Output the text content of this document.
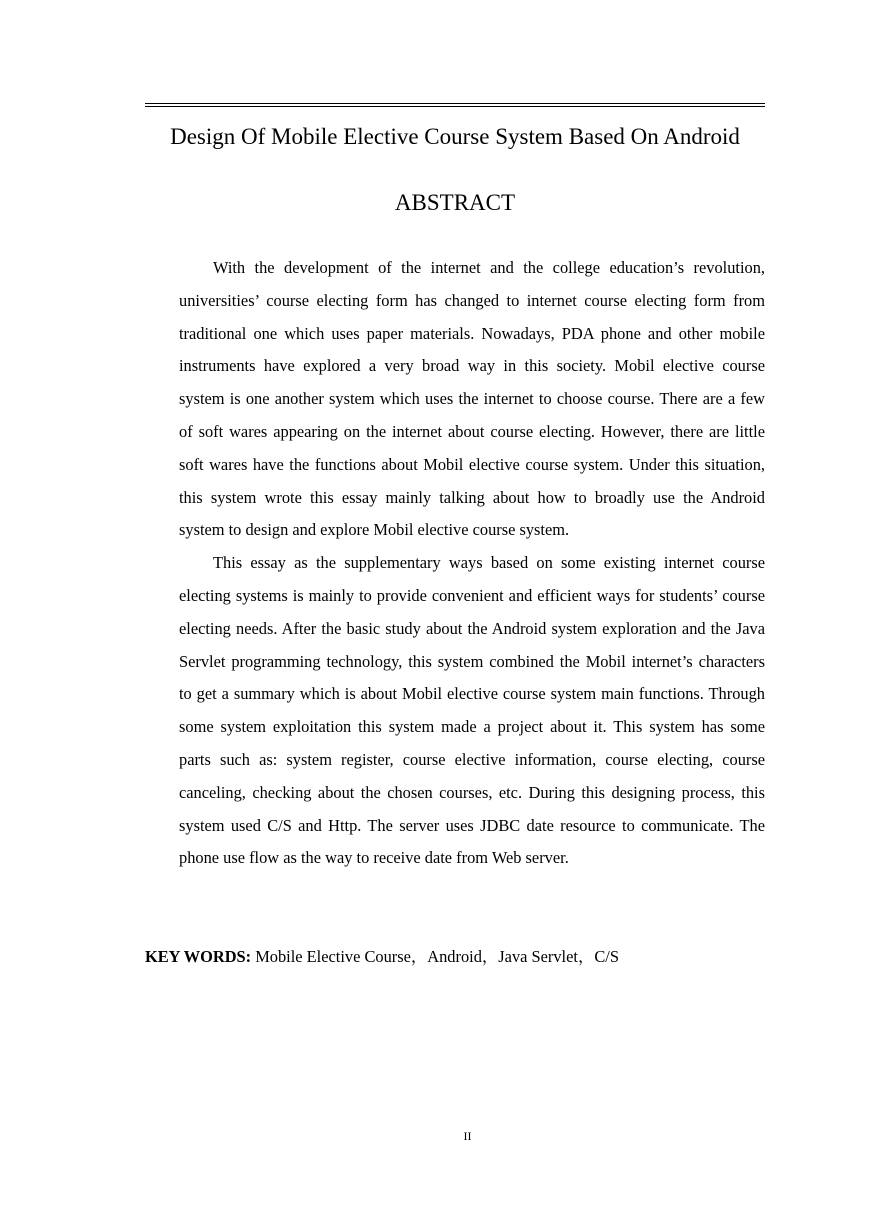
Design Of Mobile Elective Course System Based On Android
ABSTRACT
With the development of the internet and the college education’s revolution,
universities’ course electing form has changed to internet course electing form from
traditional one which uses paper materials. Nowadays, PDA phone and other mobile
instruments have explored a very broad way in this society. Mobil elective course
system is one another system which uses the internet to choose course. There are a few
of soft wares appearing on the internet about course electing. However, there are little
soft wares have the functions about Mobil elective course system. Under this situation,
this system wrote this essay mainly talking about how to broadly use the Android
system to design and explore Mobil elective course system.
This essay as the supplementary ways based on some existing internet course
electing systems is mainly to provide convenient and efficient ways for students’ course
electing needs. After the basic study about the Android system exploration and the Java
Servlet programming technology, this system combined the Mobil internet’s characters
to get a summary which is about Mobil elective course system main functions. Through
some system exploitation this system made a project about it. This system has some
parts such as: system register, course elective information, course electing, course
canceling, checking about the chosen courses, etc. During this designing process, this
system used C/S and Http. The server uses JDBC date resource to communicate. The
phone use flow as the way to receive date from Web server.
KEY WORDS: Mobile Elective Course，Android，Java Servlet，C/S
II
